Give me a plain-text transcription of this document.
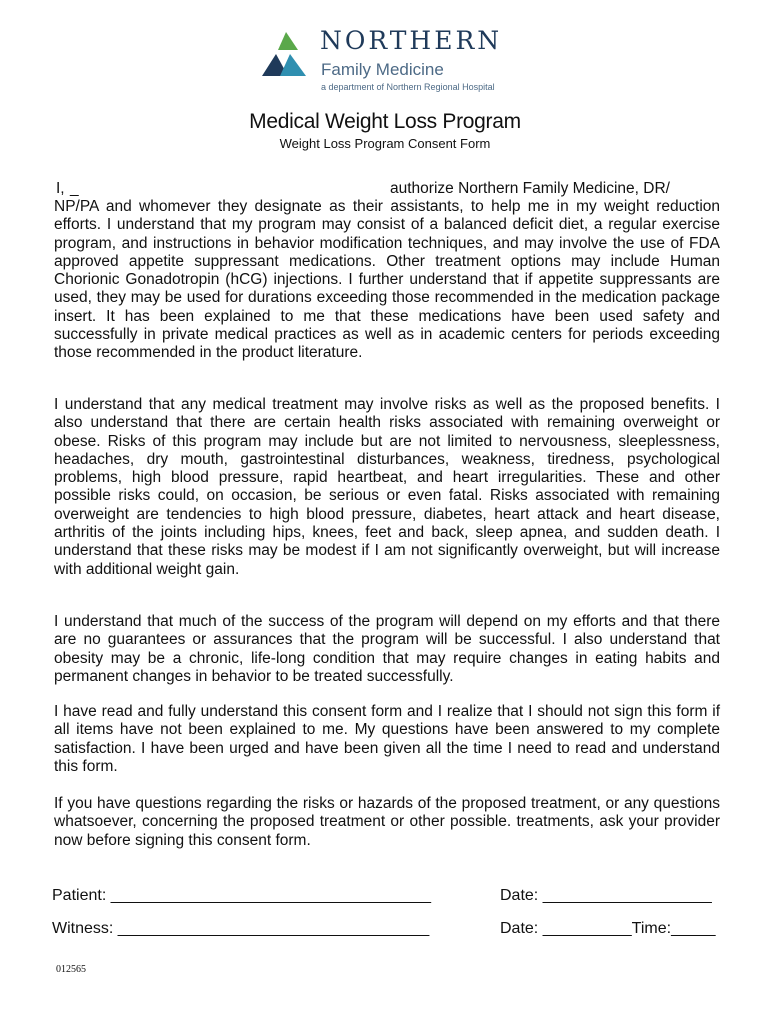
NORTHERN
Family Medicine
a department of Northern Regional Hospital
Medical Weight Loss Program
Weight Loss Program Consent Form
I, _	authorize Northern Family Medicine, DR/

NP/PA and whomever they designate as their assistants, to help me in my weight reduction efforts. I understand that my program may consist of a balanced deficit diet, a regular exercise program, and instructions in behavior modification techniques, and may involve the use of FDA approved appetite suppressant medications. Other treatment options may include Human Chorionic Gonadotropin (hCG) injections. I further understand that if appetite suppressants are used, they may be used for durations exceeding those recommended in the medication package insert. It has been explained to me that these medications have been used safety and successfully in private medical practices as well as in academic centers for periods exceeding those recommended in the product literature.

I understand that any medical treatment may involve risks as well as the proposed benefits. I also understand that there are certain health risks associated with remaining overweight or obese. Risks of this program may include but are not limited to nervousness, sleeplessness, headaches, dry mouth, gastrointestinal disturbances, weakness, tiredness, psychological problems, high blood pressure, rapid heartbeat, and heart irregularities. These and other possible risks could, on occasion, be serious or even fatal. Risks associated with remaining overweight are tendencies to high blood pressure, diabetes, heart attack and heart disease, arthritis of the joints including hips, knees, feet and back, sleep apnea, and sudden death. I understand that these risks may be modest if I am not significantly overweight, but will increase with additional weight gain.

I understand that much of the success of the program will depend on my efforts and that there are no guarantees or assurances that the program will be successful. I also understand that obesity may be a chronic, life-long condition that may require changes in eating habits and permanent changes in behavior to be treated successfully.

I have read and fully understand this consent form and I realize that I should not sign this form if all items have not been explained to me. My questions have been answered to my complete satisfaction. I have been urged and have been given all the time I need to read and understand this form.

If you have questions regarding the risks or hazards of the proposed treatment, or any questions whatsoever, concerning the proposed treatment or other possible. treatments, ask your provider now before signing this consent form.

Patient: ____________________________________	Date: ___________________
Witness: ___________________________________	Date: __________Time:_____
012565
